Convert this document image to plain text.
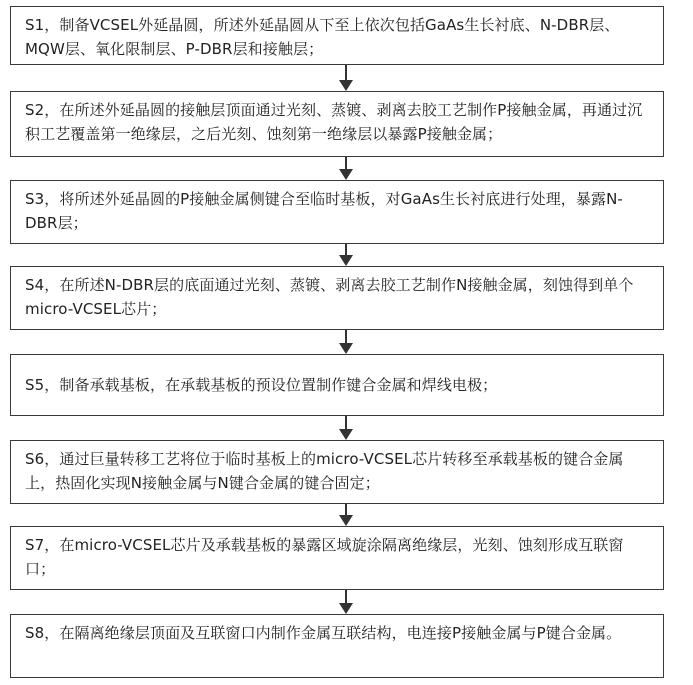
S1，制备VCSEL外延晶圆，所述外延晶圆从下至上依次包括GaAs生长衬底、N-DBR层、MQW层、氧化限制层、P-DBR层和接触层；
S2，在所述外延晶圆的接触层顶面通过光刻、蒸镀、剥离去胶工艺制作P接触金属，再通过沉积工艺覆盖第一绝缘层，之后光刻、蚀刻第一绝缘层以暴露P接触金属；
S3，将所述外延晶圆的P接触金属侧键合至临时基板，对GaAs生长衬底进行处理，暴露N-DBR层；
S4，在所述N-DBR层的底面通过光刻、蒸镀、剥离去胶工艺制作N接触金属，刻蚀得到单个micro-VCSEL芯片；
S5，制备承载基板，在承载基板的预设位置制作键合金属和焊线电极；
S6，通过巨量转移工艺将位于临时基板上的micro-VCSEL芯片转移至承载基板的键合金属上，热固化实现N接触金属与N键合金属的键合固定；
S7，在micro-VCSEL芯片及承载基板的暴露区域旋涂隔离绝缘层，光刻、蚀刻形成互联窗口；
S8，在隔离绝缘层顶面及互联窗口内制作金属互联结构，电连接P接触金属与P键合金属。
